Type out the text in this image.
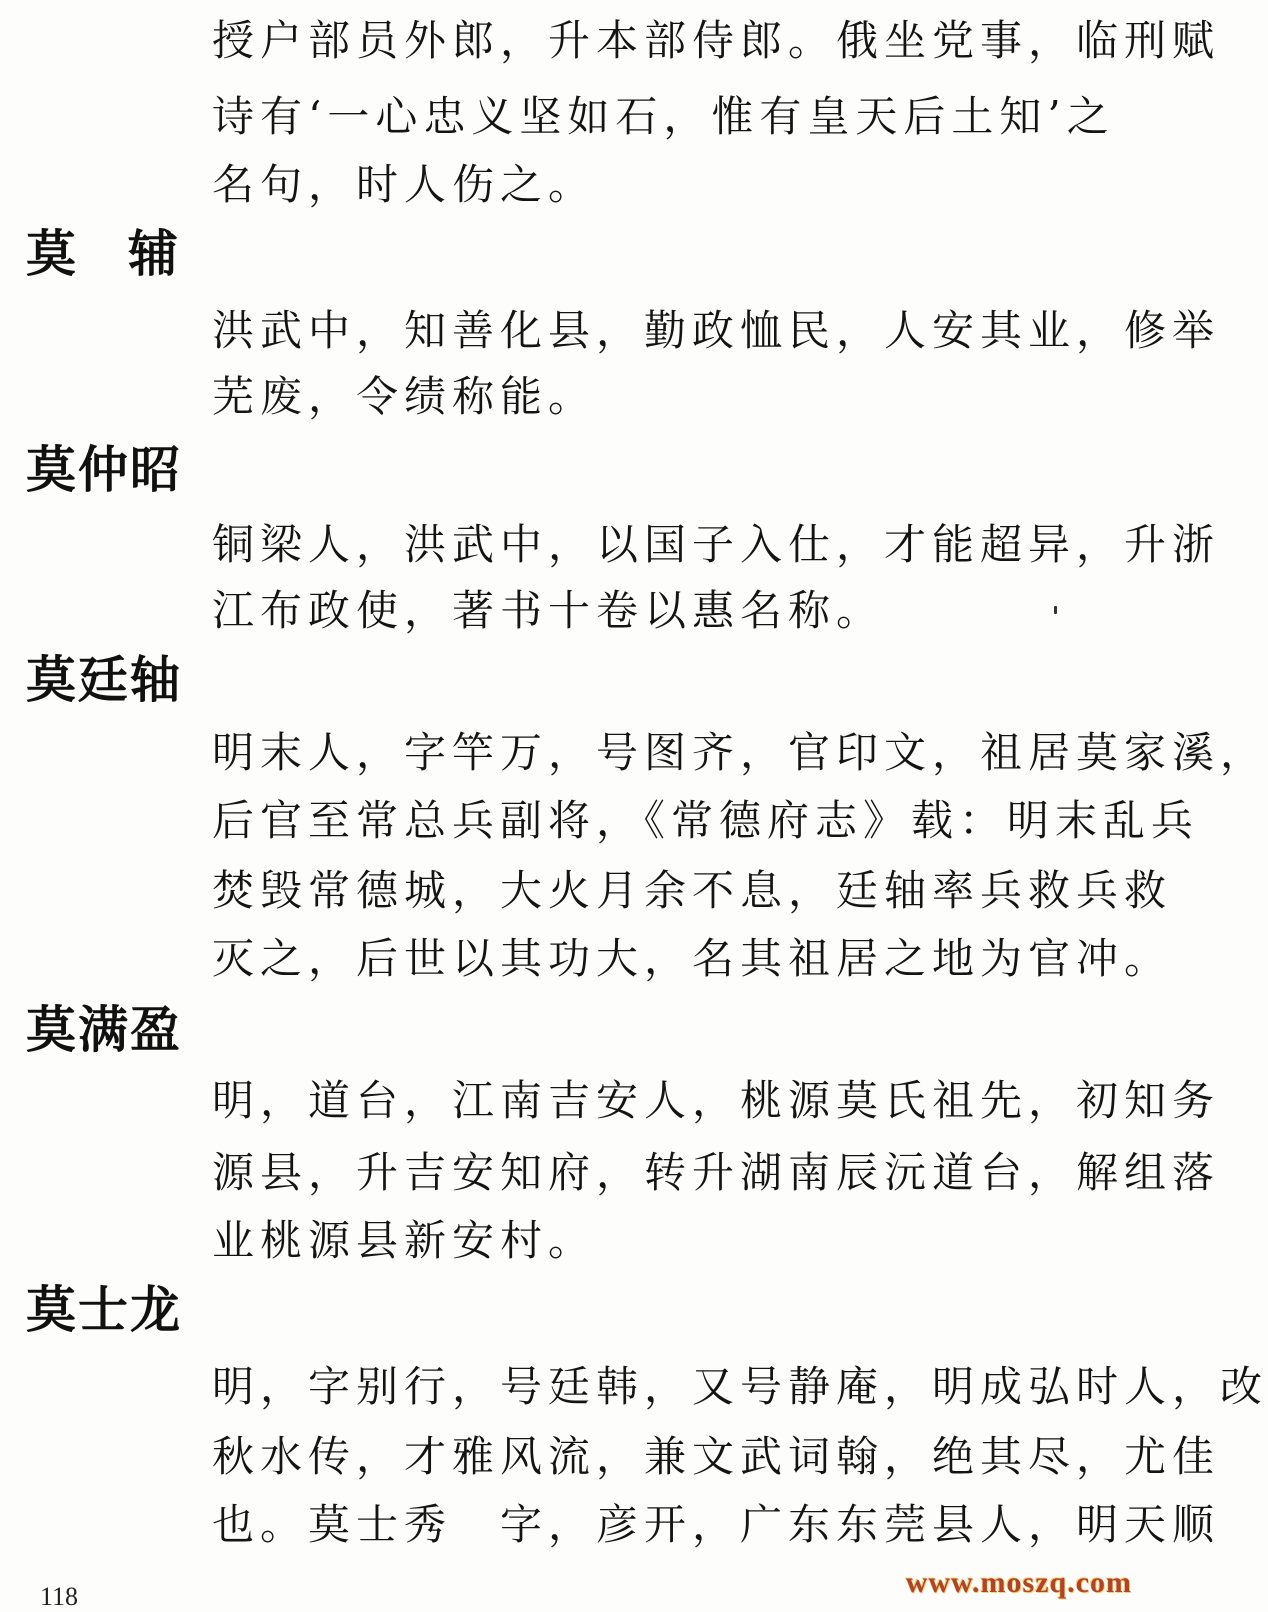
授户部员外郎，升本部侍郎。俄坐党事，临刑赋
诗有‘一心忠义坚如石，惟有皇天后土知’之
名句，时人伤之。
莫辅
洪武中，知善化县，勤政恤民，人安其业，修举
芜废，令绩称能。
莫仲昭
铜梁人，洪武中，以国子入仕，才能超异，升浙
江布政使，著书十卷以惠名称。
莫廷轴
明末人，字竿万，号图齐，官印文，祖居莫家溪，
后官至常总兵副将，《常德府志》载：明末乱兵
焚毁常德城，大火月余不息，廷轴率兵救兵救
灭之，后世以其功大，名其祖居之地为官冲。
莫满盈
明，道台，江南吉安人，桃源莫氏祖先，初知务
源县，升吉安知府，转升湖南辰沅道台，解组落
业桃源县新安村。
莫士龙
明，字别行，号廷韩，又号静庵，明成弘时人，改
秋水传，才雅风流，兼文武词翰，绝其尽，尤佳
也。莫士秀　字，彦开，广东东莞县人，明天顺
118	www.moszq.com
